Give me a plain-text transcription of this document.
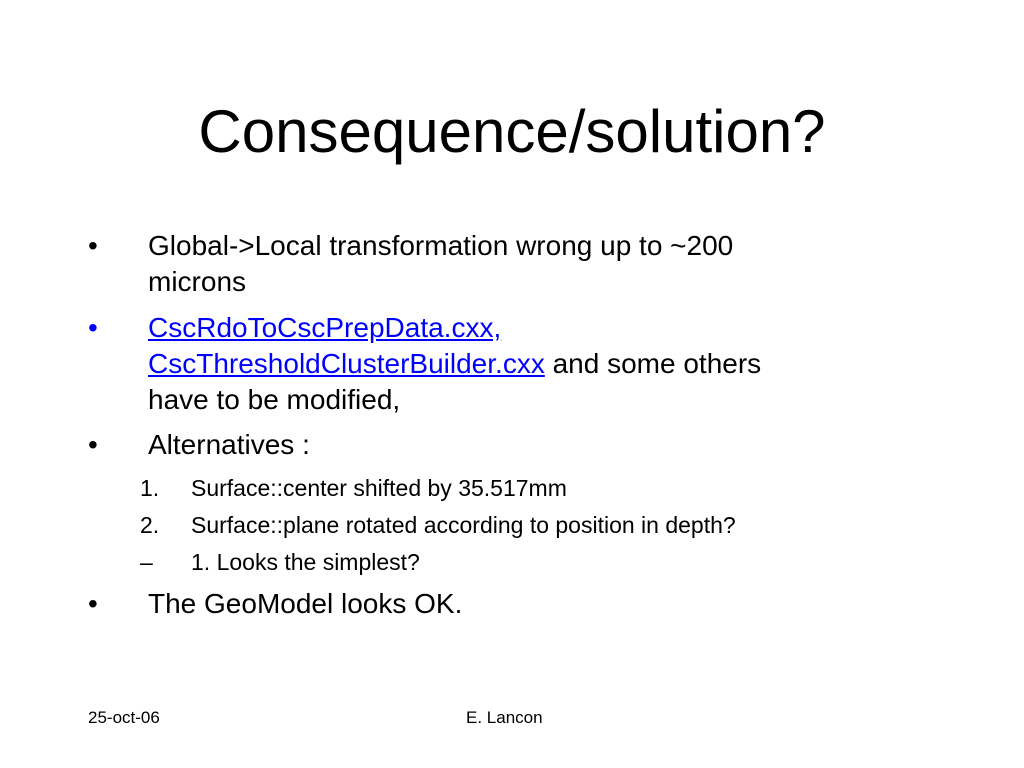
Consequence/solution?
• Global->Local transformation wrong up to ~200
microns
• CscRdoToCscPrepData.cxx,
CscThresholdClusterBuilder.cxx and some others
have to be modified,
• Alternatives :
1. Surface::center shifted by 35.517mm
2. Surface::plane rotated according to position in depth?
– 1. Looks the simplest?
• The GeoModel looks OK.
25-oct-06	E. Lancon
